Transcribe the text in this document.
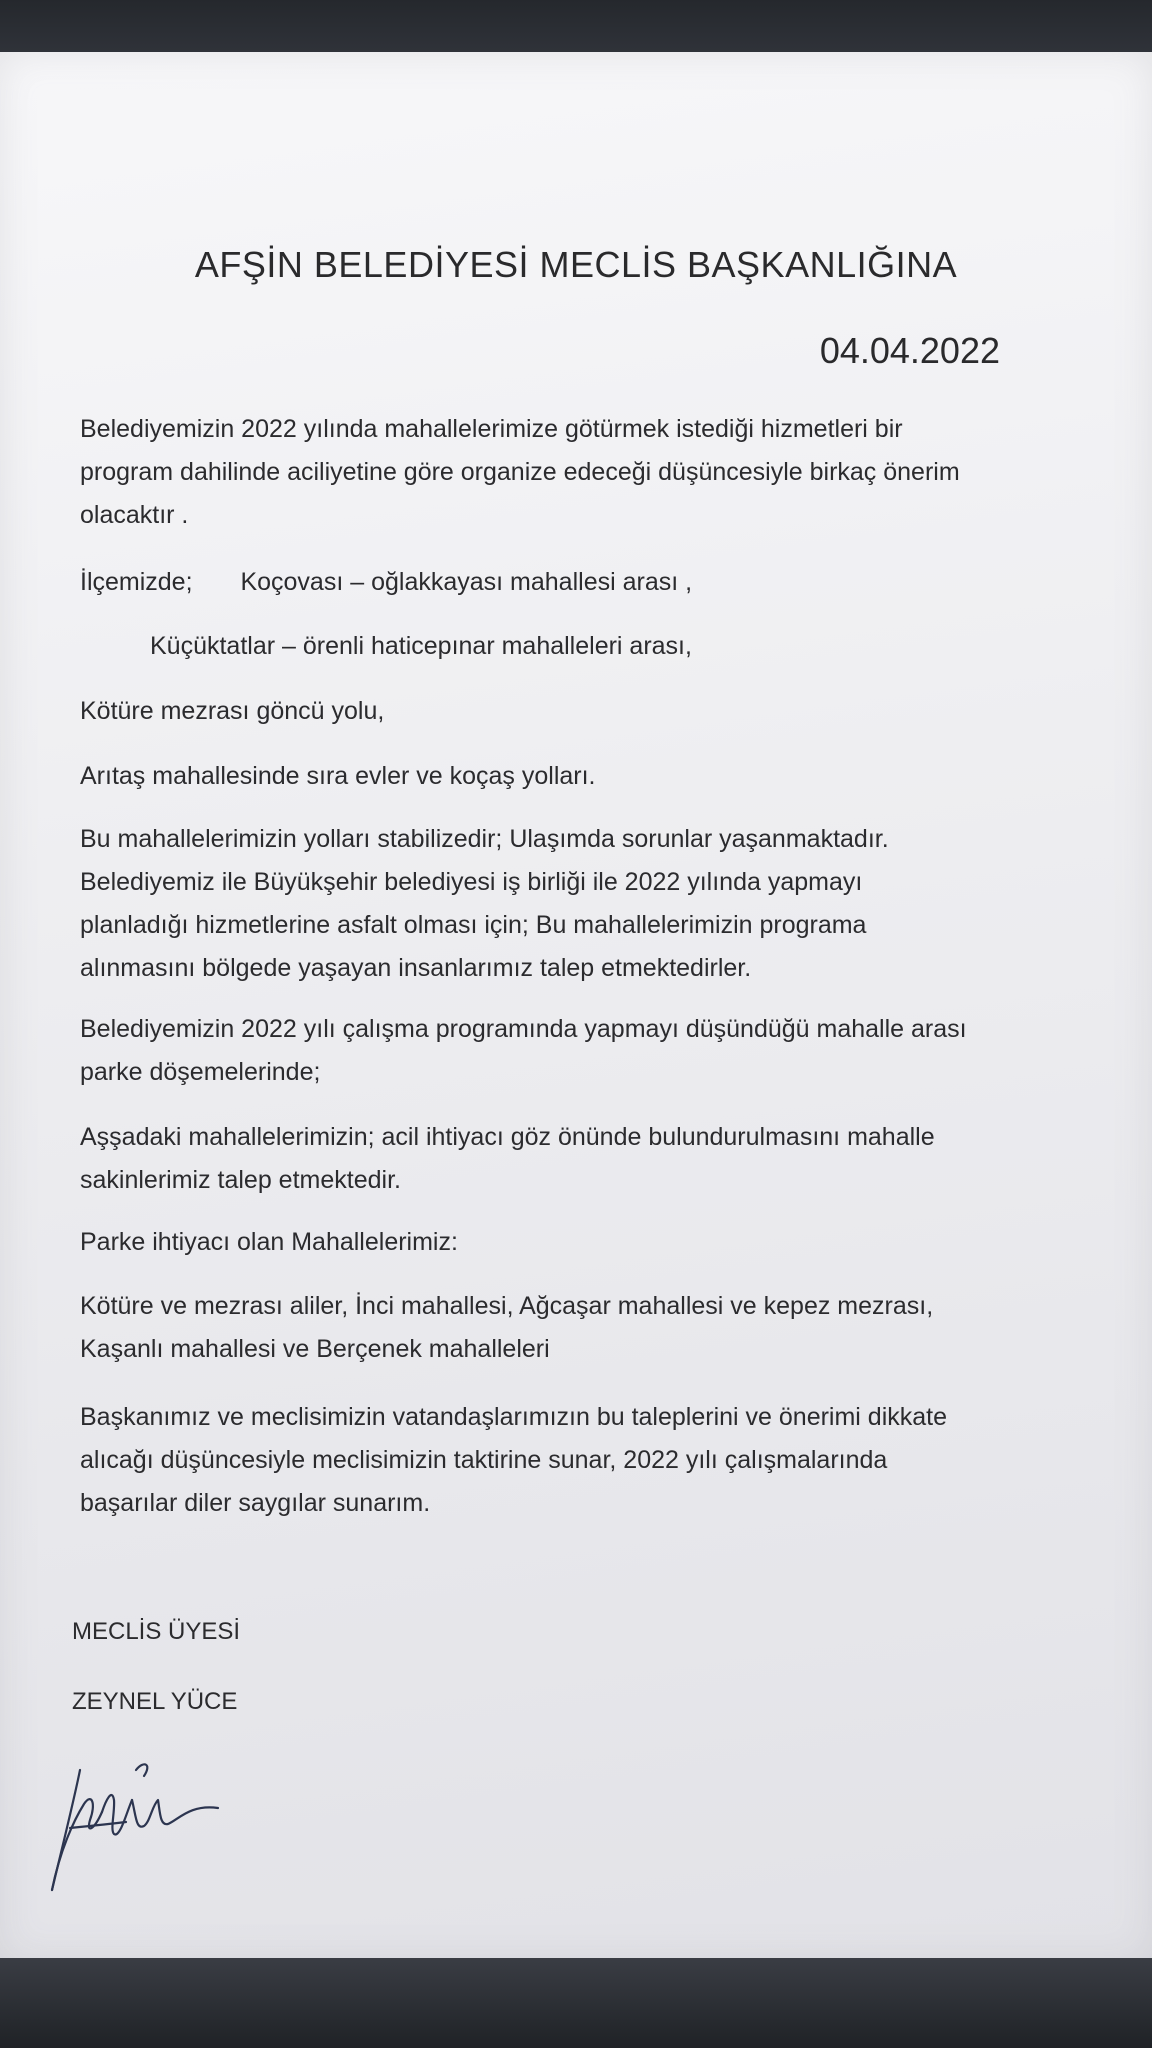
AFŞİN BELEDİYESİ MECLİS BAŞKANLIĞINA
04.04.2022
Belediyemizin 2022 yılında mahallelerimize götürmek istediği hizmetleri bir
program dahilinde aciliyetine göre organize edeceği düşüncesiyle birkaç önerim
olacaktır .
İlçemizde; Koçovası – oğlakkayası mahallesi arası ,
Küçüktatlar – örenli haticepınar mahalleleri arası,
Kötüre mezrası göncü yolu,
Arıtaş mahallesinde sıra evler ve koçaş yolları.
Bu mahallelerimizin yolları stabilizedir; Ulaşımda sorunlar yaşanmaktadır.
Belediyemiz ile Büyükşehir belediyesi iş birliği ile 2022 yılında yapmayı
planladığı hizmetlerine asfalt olması için; Bu mahallelerimizin programa
alınmasını bölgede yaşayan insanlarımız talep etmektedirler.
Belediyemizin 2022 yılı çalışma programında yapmayı düşündüğü mahalle arası
parke döşemelerinde;
Aşşadaki mahallelerimizin; acil ihtiyacı göz önünde bulundurulmasını mahalle
sakinlerimiz talep etmektedir.
Parke ihtiyacı olan Mahallelerimiz:
Kötüre ve mezrası aliler, İnci mahallesi, Ağcaşar mahallesi ve kepez mezrası,
Kaşanlı mahallesi ve Berçenek mahalleleri
Başkanımız ve meclisimizin vatandaşlarımızın bu taleplerini ve önerimi dikkate
alıcağı düşüncesiyle meclisimizin taktirine sunar, 2022 yılı çalışmalarında
başarılar diler saygılar sunarım.
MECLİS ÜYESİ
ZEYNEL YÜCE
